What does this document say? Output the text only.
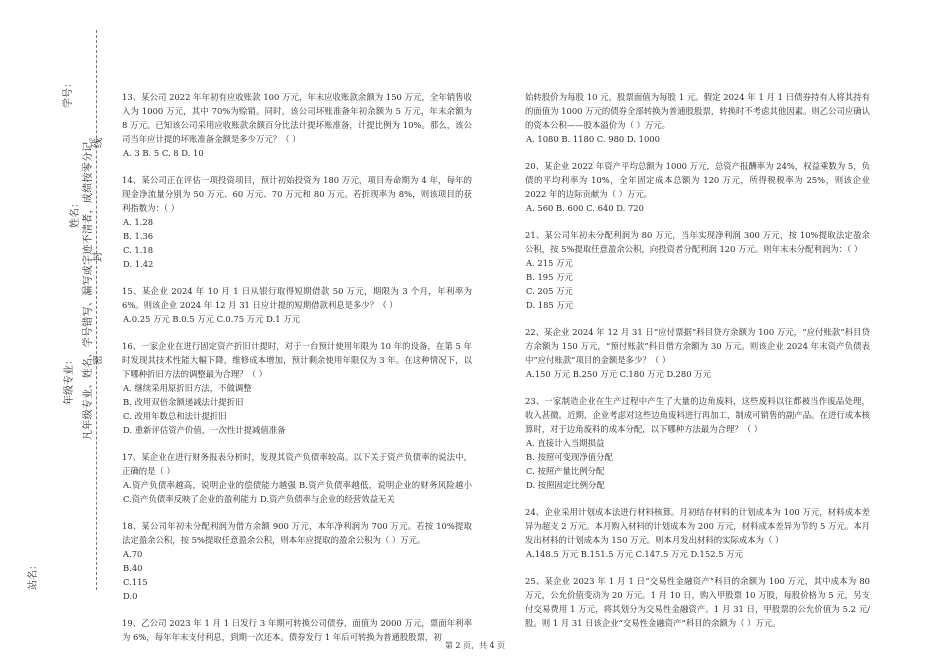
学号：
姓名：
年级专业：
站名：
凡年级专业、姓名、学号错写、漏写或字迹不清者，成绩按零分记。 密
封
线

13、某公司 2022 年年初有应收账款 100 万元，年末应收账款余额为 150 万元，全年销售收入为 1000 万元，其中 70%为赊销。同时，该公司坏账准备年初余额为 5 万元，年末余额为 8 万元。已知该公司采用应收账款余额百分比法计提坏账准备，计提比例为 10%。那么，该公司当年应计提的坏账准备金额是多少万元？（ ）

A. 3 B. 5 C. 8 D. 10

14、某公司正在评估一项投资项目，预计初始投资为 180 万元，项目寿命期为 4 年，每年的现金净流量分别为 50 万元、60 万元、70 万元和 80 万元。若折现率为 8%，则该项目的获利指数为：（ ）

A. 1.28

B. 1.36

C. 1.18

D. 1.42

15、某企业 2024 年 10 月 1 日从银行取得短期借款 50 万元，期限为 3 个月，年利率为 6%。则该企业 2024 年 12 月 31 日应计提的短期借款利息是多少？（ ）

A.0.25 万元 B.0.5 万元 C.0.75 万元 D.1 万元

16、一家企业在进行固定资产折旧计提时，对于一台预计使用年限为 10 年的设备，在第 5 年时发现其技术性能大幅下降，维修成本增加，预计剩余使用年限仅为 3 年。在这种情况下，以下哪种折旧方法的调整最为合理？（ ）

A. 继续采用原折旧方法，不做调整

B. 改用双倍余额递减法计提折旧

C. 改用年数总和法计提折旧

D. 重新评估资产价值，一次性计提减值准备

17、某企业在进行财务报表分析时，发现其资产负债率较高。以下关于资产负债率的说法中，正确的是（ ）

A.资产负债率越高，说明企业的偿债能力越强 B.资产负债率越低，说明企业的财务风险越小 C.资产负债率反映了企业的盈利能力 D.资产负债率与企业的经营效益无关

18、某公司年初未分配利润为借方余额 900 万元，本年净利润为 700 万元。若按 10%提取法定盈余公积，按 5%提取任意盈余公积，则本年应提取的盈余公积为（ ）万元。

A.70

B.40

C.115

D.0

19、乙公司 2023 年 1 月 1 日发行 3 年期可转换公司债券，面值为 2000 万元，票面年利率为 6%，每年年末支付利息，到期一次还本。债券发行 1 年后可转换为普通股股票，初

始转股价为每股 10 元，股票面值为每股 1 元。假定 2024 年 1 月 1 日债券持有人将其持有的面值为 1000 万元的债券全部转换为普通股股票，转换时不考虑其他因素。则乙公司应确认的资本公积——股本溢价为（ ）万元。

A. 1080 B. 1180 C. 980 D. 1000

20、某企业 2022 年资产平均总额为 1000 万元，总资产报酬率为 24%，权益乘数为 5，负债的平均利率为 10%，全年固定成本总额为 120 万元，所得税税率为 25%，则该企业 2022 年的边际贡献为（ ）万元。

A. 560 B. 600 C. 640 D. 720

21、某公司年初未分配利润为 80 万元，当年实现净利润 300 万元，按 10%提取法定盈余公积，按 5%提取任意盈余公积，向投资者分配利润 120 万元。则年末未分配利润为：（ ）

A. 215 万元

B. 195 万元

C. 205 万元

D. 185 万元

22、某企业 2024 年 12 月 31 日“应付票据”科目贷方余额为 100 万元，“应付账款”科目贷方余额为 150 万元，“预付账款”科目借方余额为 30 万元。则该企业 2024 年末资产负债表中“应付账款”项目的金额是多少？（ ）

A.150 万元 B.250 万元 C.180 万元 D.280 万元

23、一家制造企业在生产过程中产生了大量的边角废料，这些废料以往都被当作废品处理，收入甚微。近期，企业考虑对这些边角废料进行再加工，制成可销售的副产品。在进行成本核算时，对于边角废料的成本分配，以下哪种方法最为合理？（ ）

A. 直接计入当期损益

B. 按照可变现净值分配

C. 按照产量比例分配

D. 按照固定比例分配

24、企业采用计划成本法进行材料核算。月初结存材料的计划成本为 100 万元，材料成本差异为超支 2 万元。本月购入材料的计划成本为 200 万元，材料成本差异为节约 5 万元。本月发出材料的计划成本为 150 万元。则本月发出材料的实际成本为（ ）

A.148.5 万元 B.151.5 万元 C.147.5 万元 D.152.5 万元

25、某企业 2023 年 1 月 1 日“交易性金融资产”科目的余额为 100 万元，其中成本为 80 万元，公允价值变动为 20 万元。1 月 10 日，购入甲股票 10 万股，每股价格为 5 元，另支付交易费用 1 万元，将其划分为交易性金融资产。1 月 31 日，甲股票的公允价值为 5.2 元/股。则 1 月 31 日该企业“交易性金融资产”科目的余额为（ ）万元。

第 2 页，共 4 页
